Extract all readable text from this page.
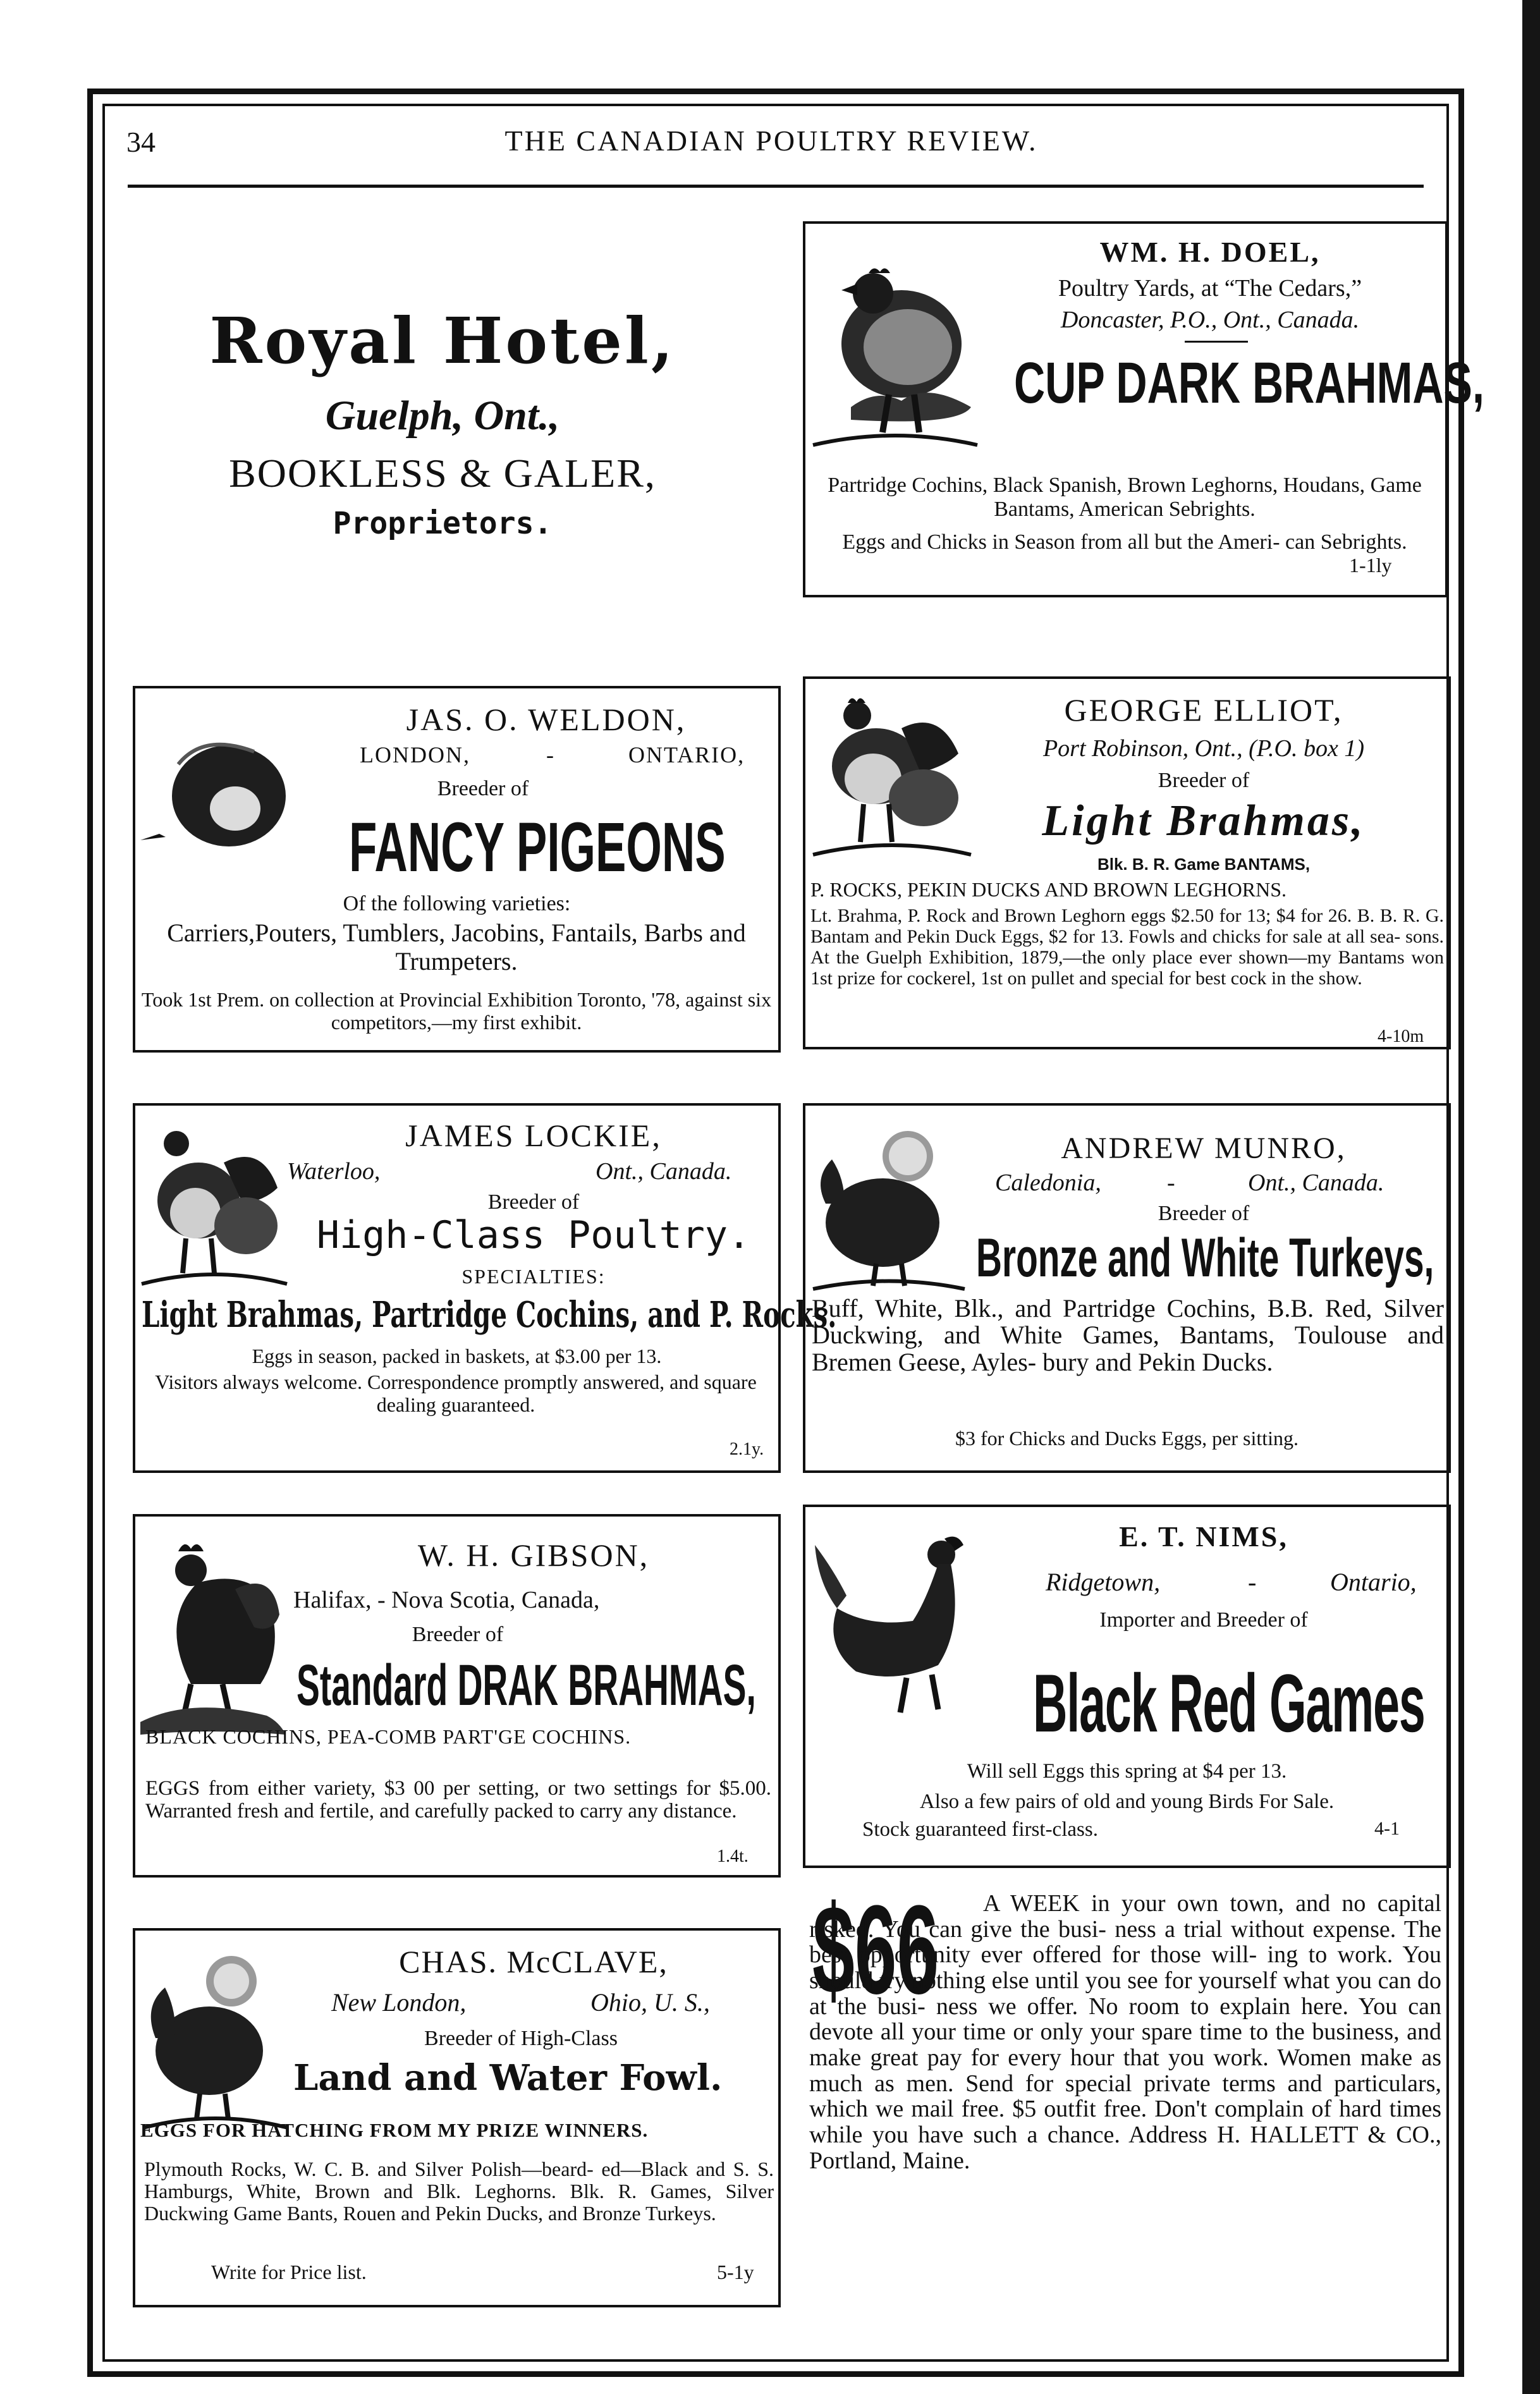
34	THE CANADIAN POULTRY REVIEW.
Royal Hotel,
Guelph, Ont.,
BOOKLESS & GALER,
Proprietors.
WM. H. DOEL,
Poultry Yards, at “The Cedars,”
Doncaster, P.O., Ont., Canada.
CUP DARK BRAHMAS,
Partridge Cochins, Black Spanish, Brown Leghorns, Houdans, Game Bantams, American Sebrights.
Eggs and Chicks in Season from all but the Ameri- can Sebrights.
1-1ly
JAS. O. WELDON,
LONDON,	-	ONTARIO,
Breeder of
FANCY PIGEONS
Of the following varieties:
Carriers,Pouters, Tumblers, Jacobins, Fantails, Barbs and Trumpeters.
Took 1st Prem. on collection at Provincial Exhibition Toronto, '78, against six competitors,—my first exhibit.
GEORGE ELLIOT,
Port Robinson, Ont., (P.O. box 1)
Breeder of
Light Brahmas,
Blk. B. R. Game BANTAMS,
P. ROCKS, PEKIN DUCKS AND BROWN LEGHORNS.
Lt. Brahma, P. Rock and Brown Leghorn eggs $2.50 for 13; $4 for 26. B. B. R. G. Bantam and Pekin Duck Eggs, $2 for 13. Fowls and chicks for sale at all sea- sons. At the Guelph Exhibition, 1879,—the only place ever shown—my Bantams won 1st prize for cockerel, 1st on pullet and special for best cock in the show.
4-10m
JAMES LOCKIE,
Waterloo,	Ont., Canada.
Breeder of
High-Class Poultry.
SPECIALTIES:
Light Brahmas, Partridge Cochins, and P. Rocks.
Eggs in season, packed in baskets, at $3.00 per 13.
Visitors always welcome. Correspondence promptly answered, and square dealing guaranteed.
2.1y.
ANDREW MUNRO,
Caledonia,	-	Ont., Canada.
Breeder of
Bronze and White Turkeys,
Buff, White, Blk., and Partridge Cochins, B.B. Red, Silver Duckwing, and White Games, Bantams, Toulouse and Bremen Geese, Ayles- bury and Pekin Ducks.
$3 for Chicks and Ducks Eggs, per sitting.
W. H. GIBSON,
Halifax, - Nova Scotia, Canada,
Breeder of
Standard DRAK BRAHMAS,
BLACK COCHINS, PEA-COMB PART'GE COCHINS.
EGGS from either variety, $3 00 per setting, or two settings for $5.00. Warranted fresh and fertile, and carefully packed to carry any distance.
1.4t.
E. T. NIMS,
Ridgetown,	-	Ontario,
Importer and Breeder of
Black Red Games
Will sell Eggs this spring at $4 per 13.
Also a few pairs of old and young Birds For Sale.
Stock guaranteed first-class.	4-1
CHAS. McCLAVE,
New London,	Ohio, U. S.,
Breeder of High-Class
Land and Water Fowl.
EGGS FOR HATCHING FROM MY PRIZE WINNERS.
Plymouth Rocks, W. C. B. and Silver Polish—beard- ed—Black and S. S. Hamburgs, White, Brown and Blk. Leghorns. Blk. R. Games, Silver Duckwing Game Bants, Rouen and Pekin Ducks, and Bronze Turkeys.
Write for Price list.	5-1y
$66	A WEEK in your own town, and no capital risked. You can give the busi- ness a trial without expense. The best opportunity ever offered for those will- ing to work. You should try nothing else until you see for yourself what you can do at the busi- ness we offer. No room to explain here. You can devote all your time or only your spare time to the business, and make great pay for every hour that you work. Women make as much as men. Send for special private terms and particulars, which we mail free. $5 outfit free. Don't complain of hard times while you have such a chance. Address H. HALLETT & CO., Portland, Maine.
